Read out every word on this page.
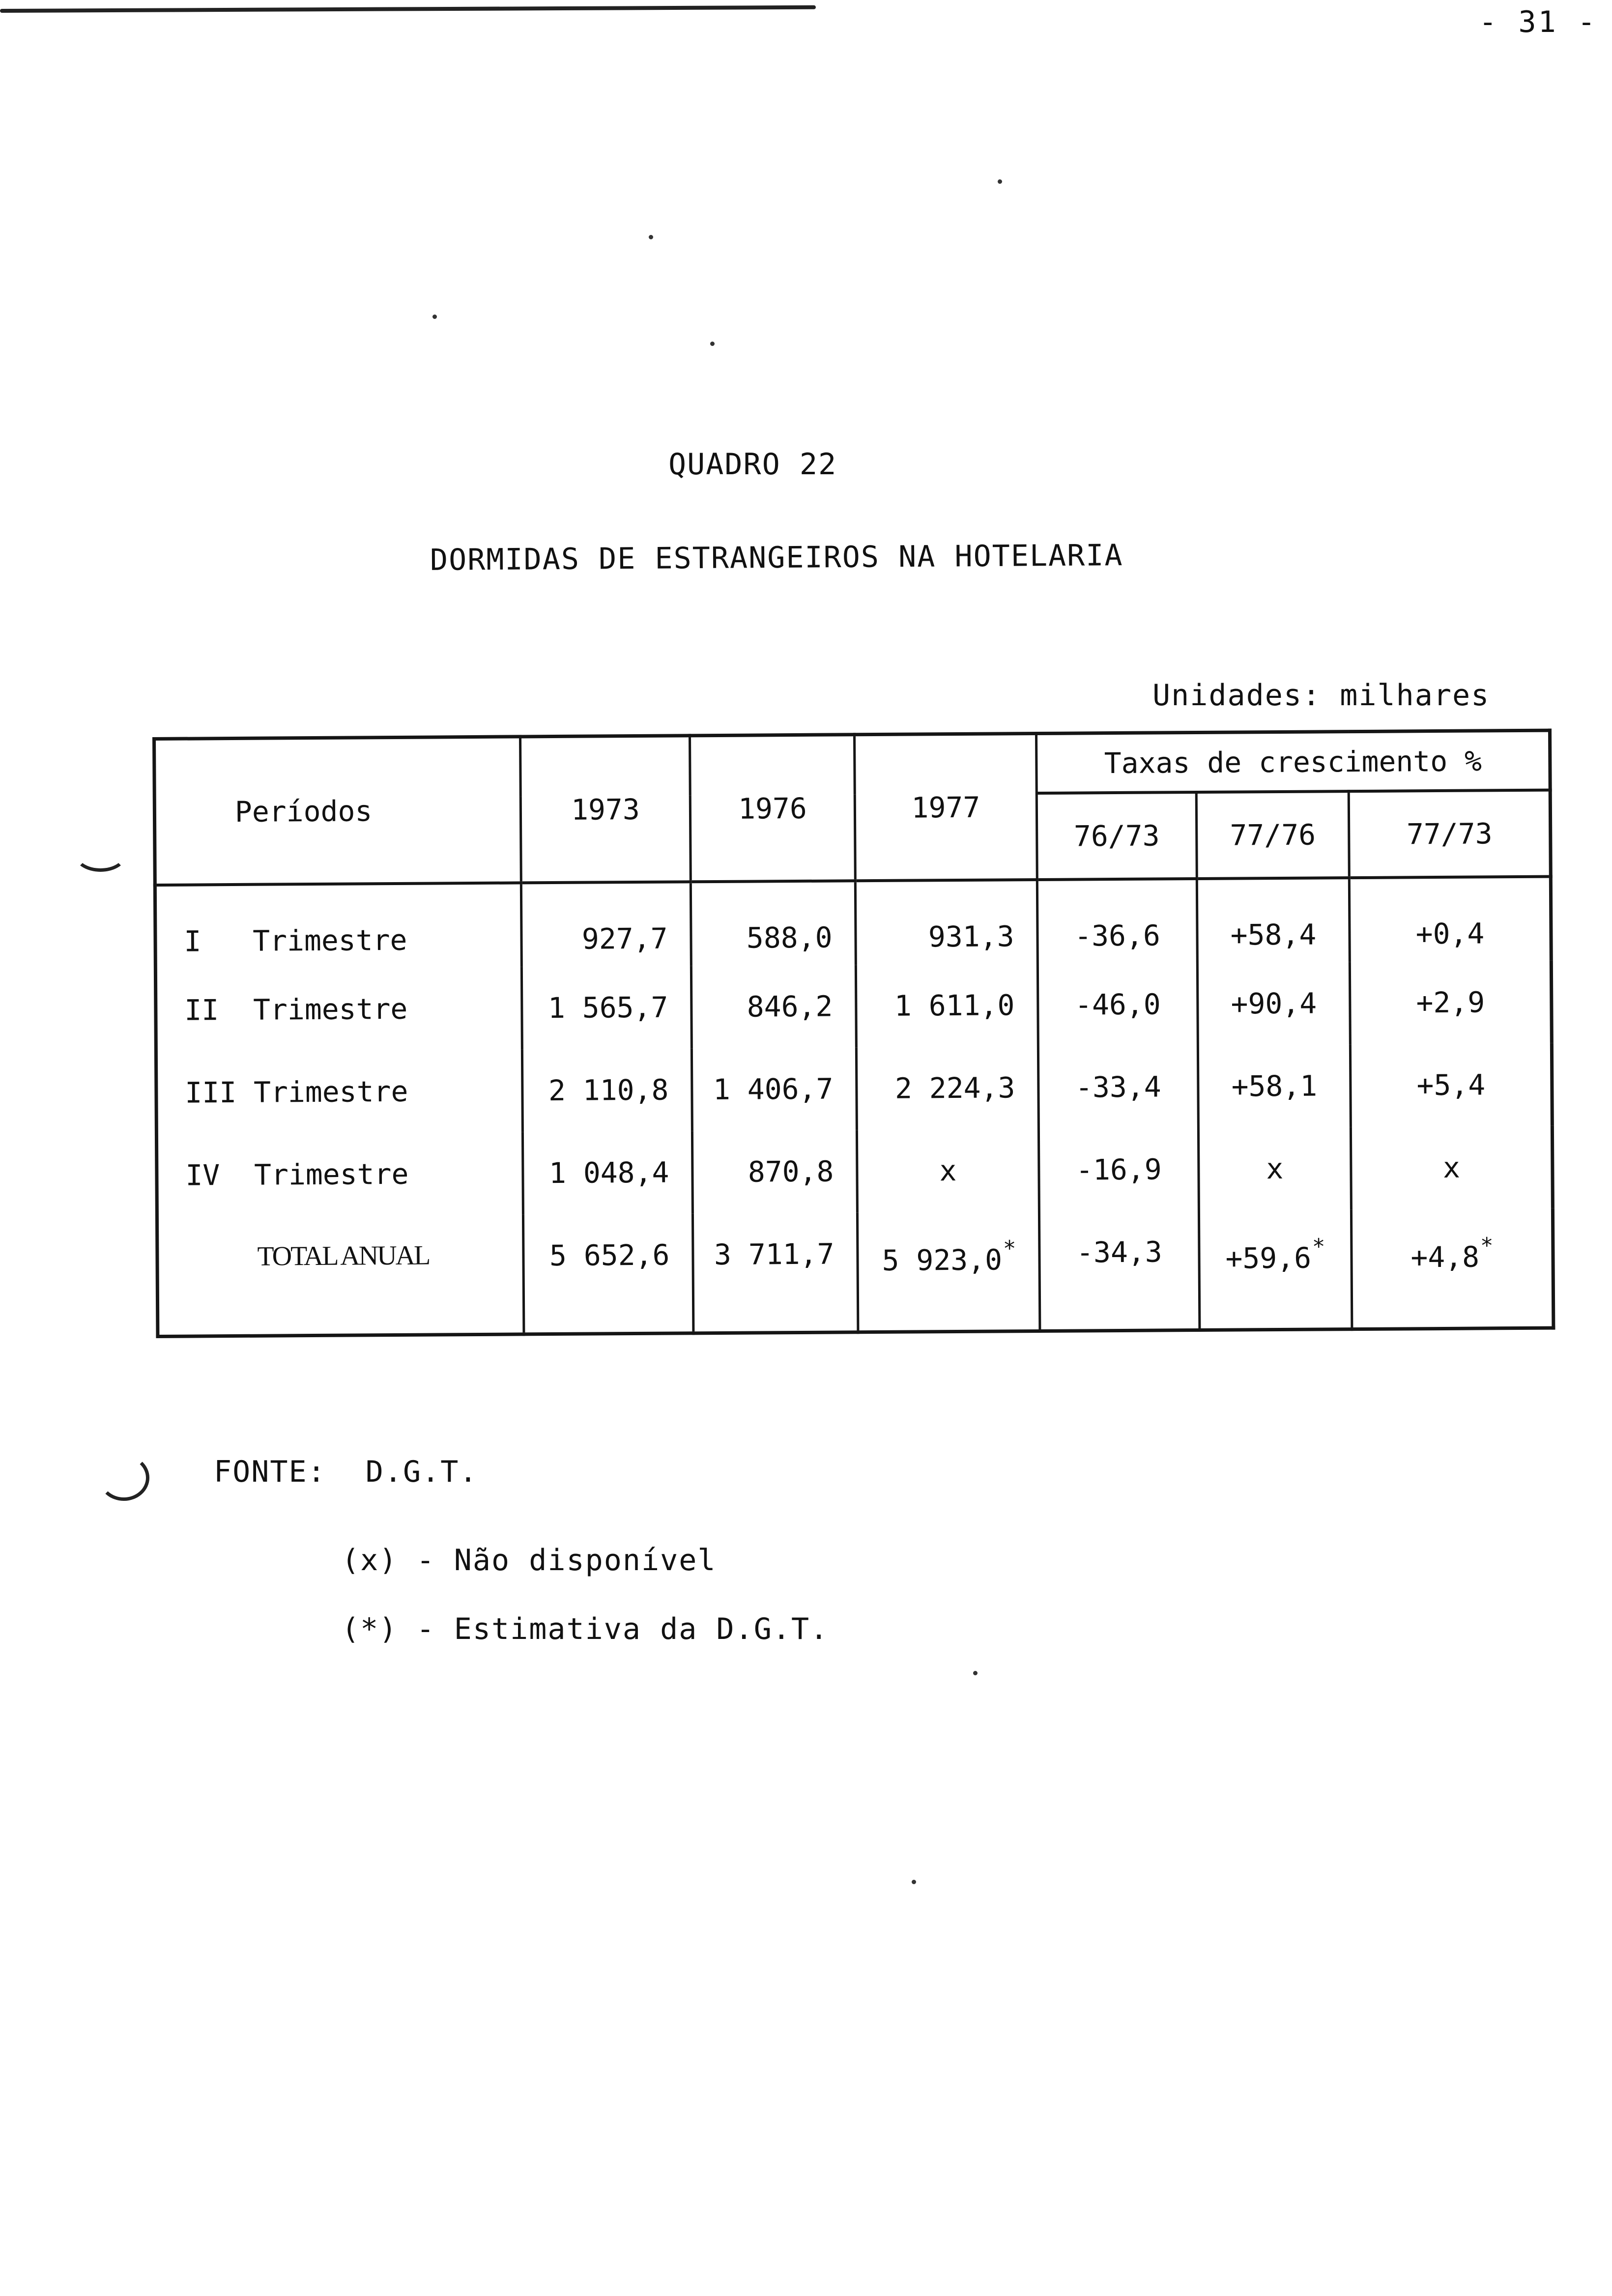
- 31 -
QUADRO 22
DORMIDAS DE ESTRANGEIROS NA HOTELARIA
Unidades: milhares
Períodos	1973	1976	1977	Taxas de crescimento %		
				76/73	77/76	77/73
I   Trimestre	927,7	588,0	931,3	-36,6	+58,4	+0,4
II  Trimestre	1 565,7	846,2	1 611,0	-46,0	+90,4	+2,9
III Trimestre	2 110,8	1 406,7	2 224,3	-33,4	+58,1	+5,4
IV  Trimestre	1 048,4	870,8	x	-16,9	x	x
TOTAL ANUAL	5 652,6	3 711,7	5 923,0*	-34,3	+59,6*	+4,8*
FONTE: D.G.T.
(x) - Não disponível
(*) - Estimativa da D.G.T.
